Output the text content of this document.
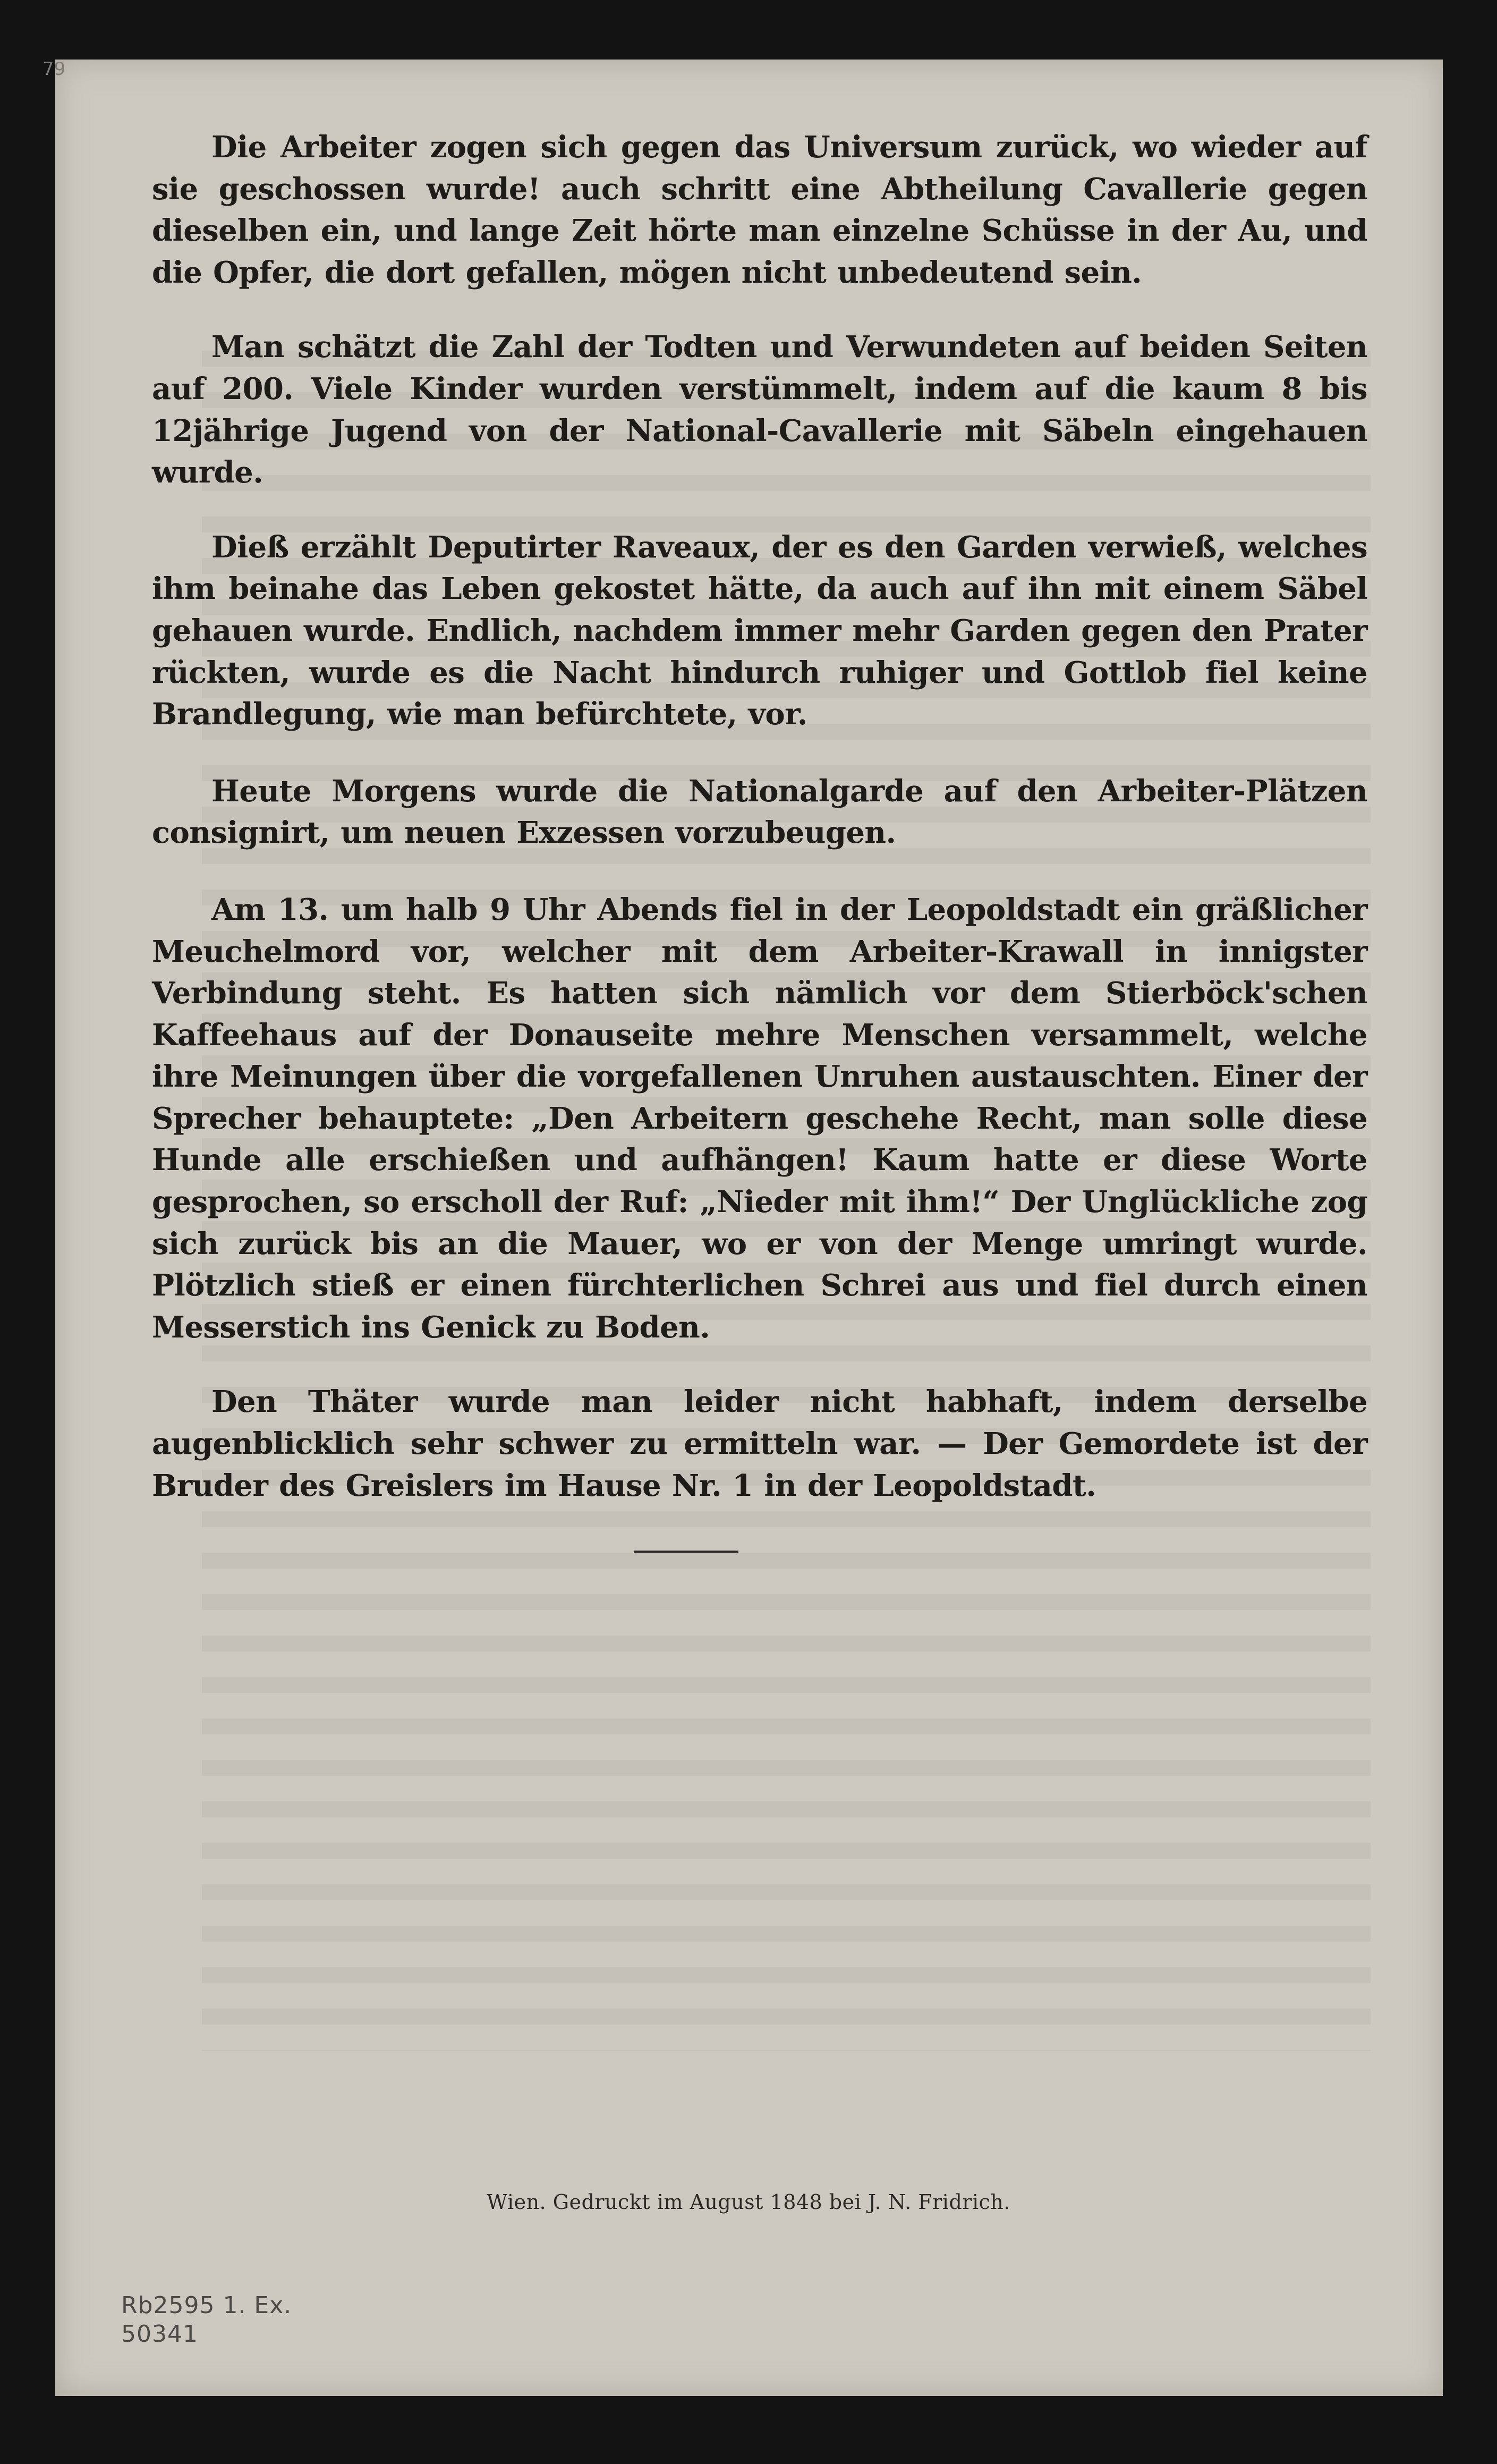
79

Die Arbeiter zogen sich gegen das Universum zurück, wo wieder auf sie geschossen wurde! auch schritt eine Abtheilung Cavallerie gegen dieselben ein, und lange Zeit hörte man einzelne Schüsse in der Au, und die Opfer, die dort gefallen, mögen nicht unbedeutend sein.

Man schätzt die Zahl der Todten und Verwundeten auf beiden Seiten auf 200. Viele Kinder wurden verstümmelt, indem auf die kaum 8 bis 12jährige Jugend von der National-Cavallerie mit Säbeln eingehauen wurde.

Dieß erzählt Deputirter Raveaux, der es den Garden verwieß, welches ihm beinahe das Leben gekostet hätte, da auch auf ihn mit einem Säbel gehauen wurde. Endlich, nachdem immer mehr Garden gegen den Prater rückten, wurde es die Nacht hindurch ruhiger und Gottlob fiel keine Brandlegung, wie man befürchtete, vor.

Heute Morgens wurde die Nationalgarde auf den Arbeiter-Plätzen consignirt, um neuen Exzessen vorzubeugen.

Am 13. um halb 9 Uhr Abends fiel in der Leopoldstadt ein gräßlicher Meuchelmord vor, welcher mit dem Arbeiter-Krawall in innigster Verbindung steht. Es hatten sich nämlich vor dem Stierböck'schen Kaffeehaus auf der Donauseite mehre Menschen versammelt, welche ihre Meinungen über die vorgefallenen Unruhen austauschten. Einer der Sprecher behauptete: „Den Arbeitern geschehe Recht, man solle diese Hunde alle erschießen und aufhängen! Kaum hatte er diese Worte gesprochen, so erscholl der Ruf: „Nieder mit ihm!“ Der Unglückliche zog sich zurück bis an die Mauer, wo er von der Menge umringt wurde. Plötzlich stieß er einen fürchterlichen Schrei aus und fiel durch einen Messerstich ins Genick zu Boden.

Den Thäter wurde man leider nicht habhaft, indem derselbe augenblicklich sehr schwer zu ermitteln war. — Der Gemordete ist der Bruder des Greislers im Hause Nr. 1 in der Leopoldstadt.

Wien. Gedruckt im August 1848 bei J. N. Fridrich.
Rb2595 1. Ex.
50341
